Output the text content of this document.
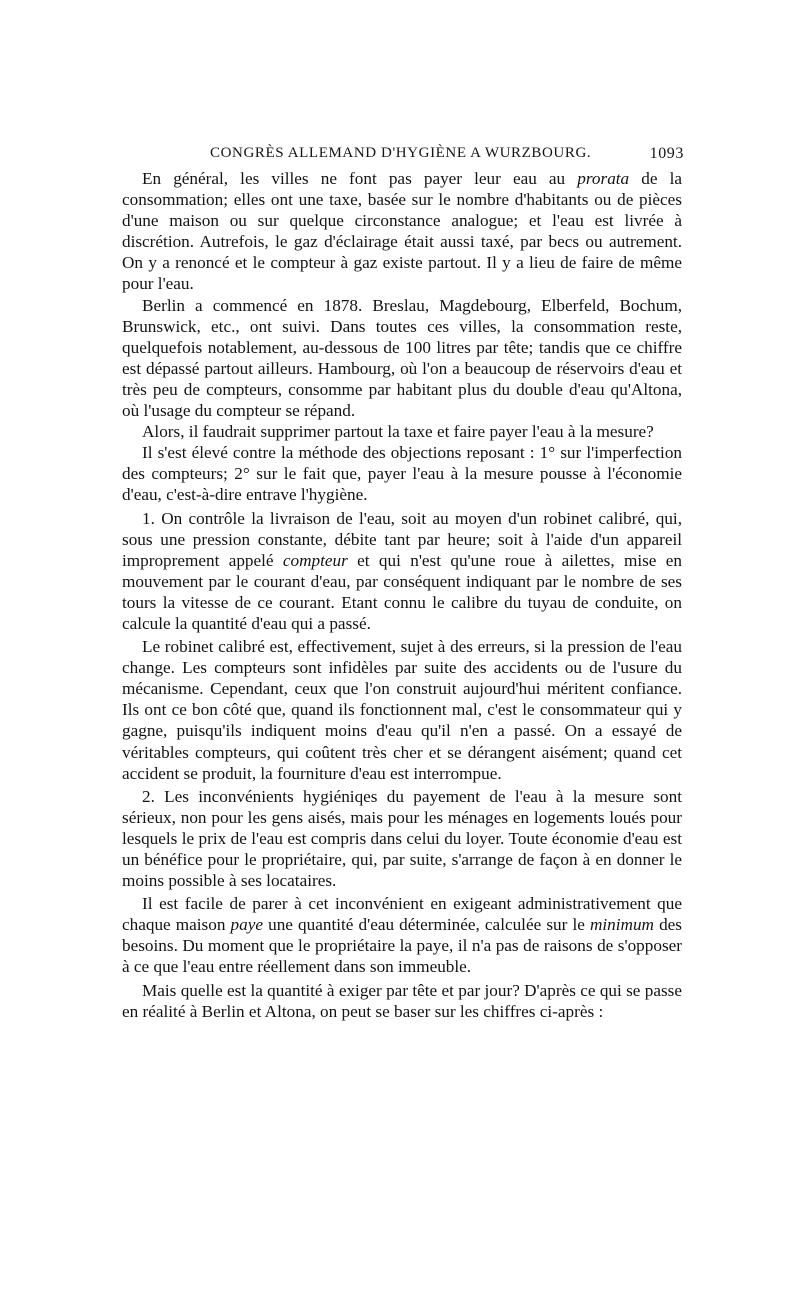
CONGRÈS ALLEMAND D'HYGIÈNE A WURZBOURG.	1093

En général, les villes ne font pas payer leur eau au prorata de la consommation; elles ont une taxe, basée sur le nombre d'habitants ou de pièces d'une maison ou sur quelque circonstance analogue; et l'eau est livrée à discrétion. Autrefois, le gaz d'éclairage était aussi taxé, par becs ou autrement. On y a renoncé et le compteur à gaz existe partout. Il y a lieu de faire de même pour l'eau.

Berlin a commencé en 1878. Breslau, Magdebourg, Elberfeld, Bochum, Brunswick, etc., ont suivi. Dans toutes ces villes, la consommation reste, quelquefois notablement, au-dessous de 100 litres par tête; tandis que ce chiffre est dépassé partout ailleurs. Hambourg, où l'on a beaucoup de réservoirs d'eau et très peu de compteurs, consomme par habitant plus du double d'eau qu'Altona, où l'usage du compteur se répand.

Alors, il faudrait supprimer partout la taxe et faire payer l'eau à la mesure?

Il s'est élevé contre la méthode des objections reposant : 1° sur l'imperfection des compteurs; 2° sur le fait que, payer l'eau à la mesure pousse à l'économie d'eau, c'est-à-dire entrave l'hygiène.

1. On contrôle la livraison de l'eau, soit au moyen d'un robinet calibré, qui, sous une pression constante, débite tant par heure; soit à l'aide d'un appareil improprement appelé compteur et qui n'est qu'une roue à ailettes, mise en mouvement par le courant d'eau, par conséquent indiquant par le nombre de ses tours la vitesse de ce courant. Etant connu le calibre du tuyau de conduite, on calcule la quantité d'eau qui a passé.

Le robinet calibré est, effectivement, sujet à des erreurs, si la pression de l'eau change. Les compteurs sont infidèles par suite des accidents ou de l'usure du mécanisme. Cependant, ceux que l'on construit aujourd'hui méritent confiance. Ils ont ce bon côté que, quand ils fonctionnent mal, c'est le consommateur qui y gagne, puisqu'ils indiquent moins d'eau qu'il n'en a passé. On a essayé de véritables compteurs, qui coûtent très cher et se dérangent aisément; quand cet accident se produit, la fourniture d'eau est interrompue.

2. Les inconvénients hygiéniqes du payement de l'eau à la mesure sont sérieux, non pour les gens aisés, mais pour les ménages en logements loués pour lesquels le prix de l'eau est compris dans celui du loyer. Toute économie d'eau est un bénéfice pour le propriétaire, qui, par suite, s'arrange de façon à en donner le moins possible à ses locataires.

Il est facile de parer à cet inconvénient en exigeant administrativement que chaque maison paye une quantité d'eau déterminée, calculée sur le minimum des besoins. Du moment que le propriétaire la paye, il n'a pas de raisons de s'opposer à ce que l'eau entre réellement dans son immeuble.

Mais quelle est la quantité à exiger par tête et par jour? D'après ce qui se passe en réalité à Berlin et Altona, on peut se baser sur les chiffres ci-après :
